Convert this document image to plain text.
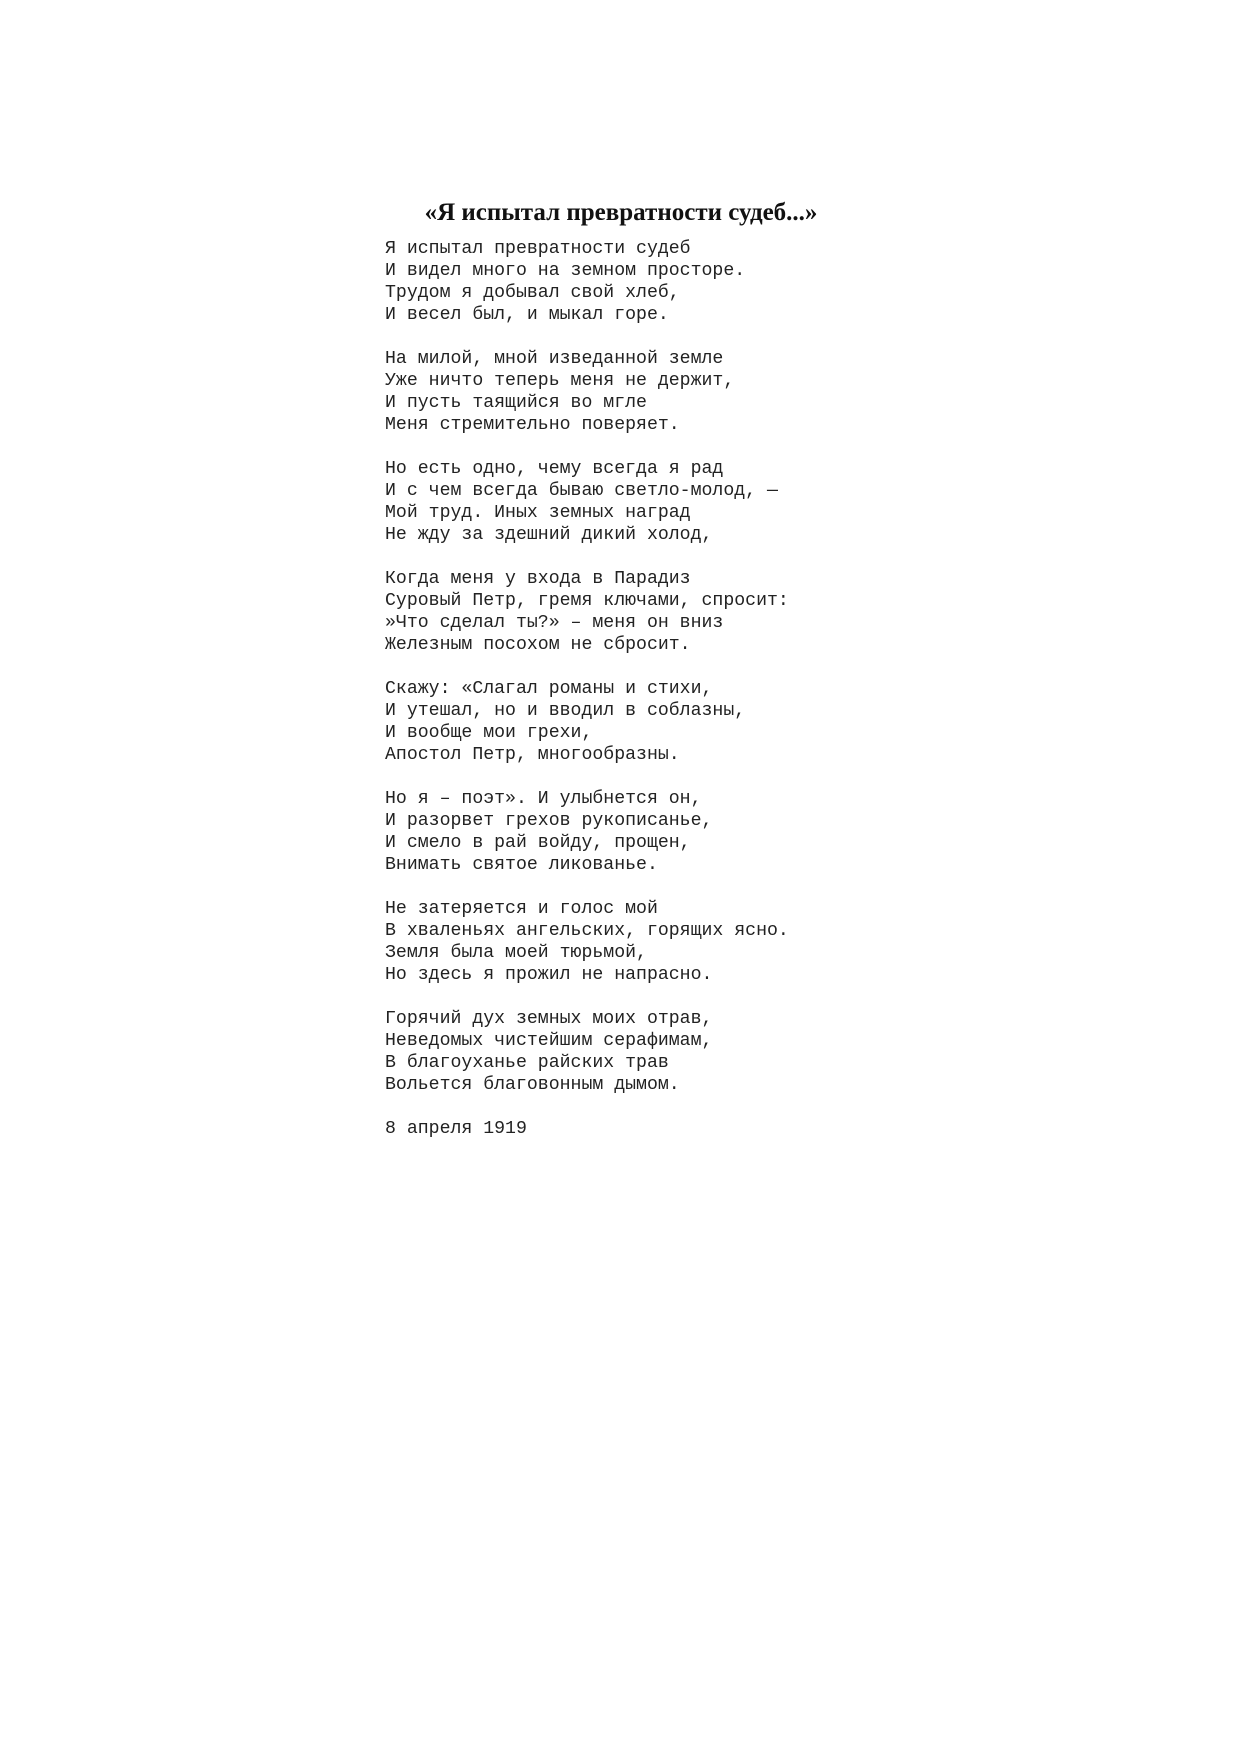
«Я испытал превратности судеб...»
Я испытал превратности судеб
И видел много на земном просторе.
Трудом я добывал свой хлеб,
И весел был, и мыкал горе.
На милой, мной изведанной земле
Уже ничто теперь меня не держит,
И пусть таящийся во мгле
Меня стремительно поверяет.
Но есть одно, чему всегда я рад
И с чем всегда бываю светло-молод, —
Мой труд. Иных земных наград
Не жду за здешний дикий холод,
Когда меня у входа в Парадиз
Суровый Петр, гремя ключами, спросит:
»Что сделал ты?» – меня он вниз
Железным посохом не сбросит.
Скажу: «Слагал романы и стихи,
И утешал, но и вводил в соблазны,
И вообще мои грехи,
Апостол Петр, многообразны.
Но я – поэт». И улыбнется он,
И разорвет грехов рукописанье,
И смело в рай войду, прощен,
Внимать святое ликованье.
Не затеряется и голос мой
В хваленьях ангельских, горящих ясно.
Земля была моей тюрьмой,
Но здесь я прожил не напрасно.
Горячий дух земных моих отрав,
Неведомых чистейшим серафимам,
В благоуханье райских трав
Вольется благовонным дымом.
8 апреля 1919
